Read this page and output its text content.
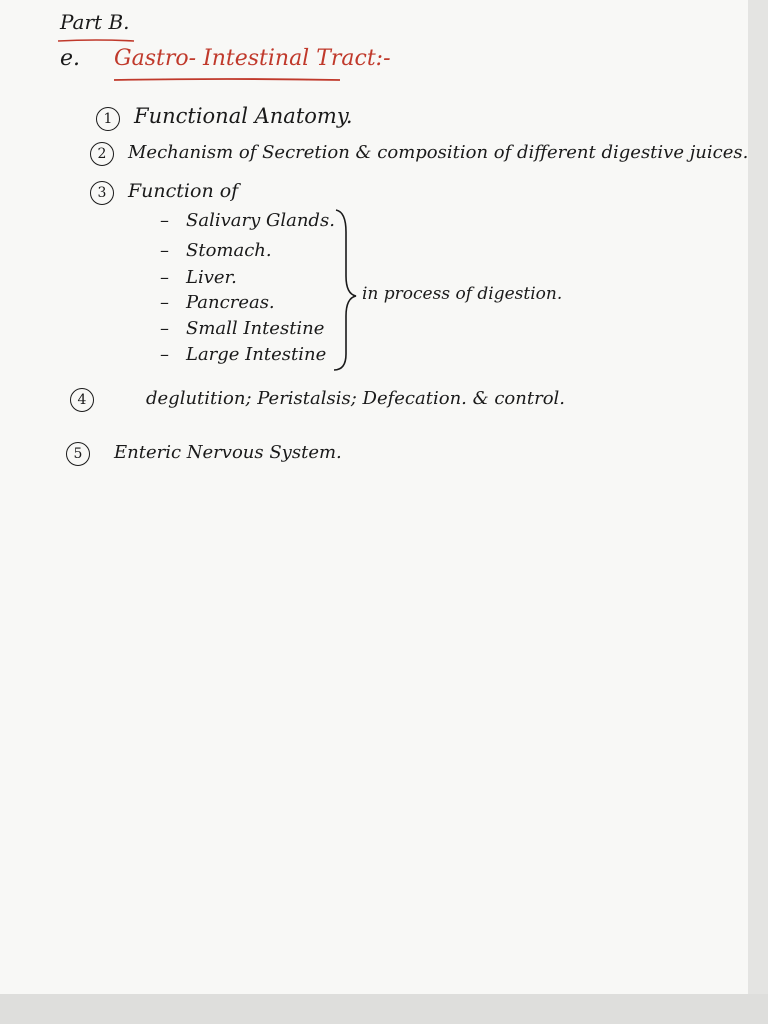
Part B.
e. Gastro- Intestinal Tract:-
1 Functional Anatomy.
2 Mechanism of Secretion & composition of different digestive juices.
3 Function of
– Salivary Glands.
– Stomach.
– Liver.
– Pancreas.
– Small Intestine
– Large Intestine
in process of digestion.
4	deglutition; Peristalsis; Defecation. & control.
5 Enteric Nervous System.
